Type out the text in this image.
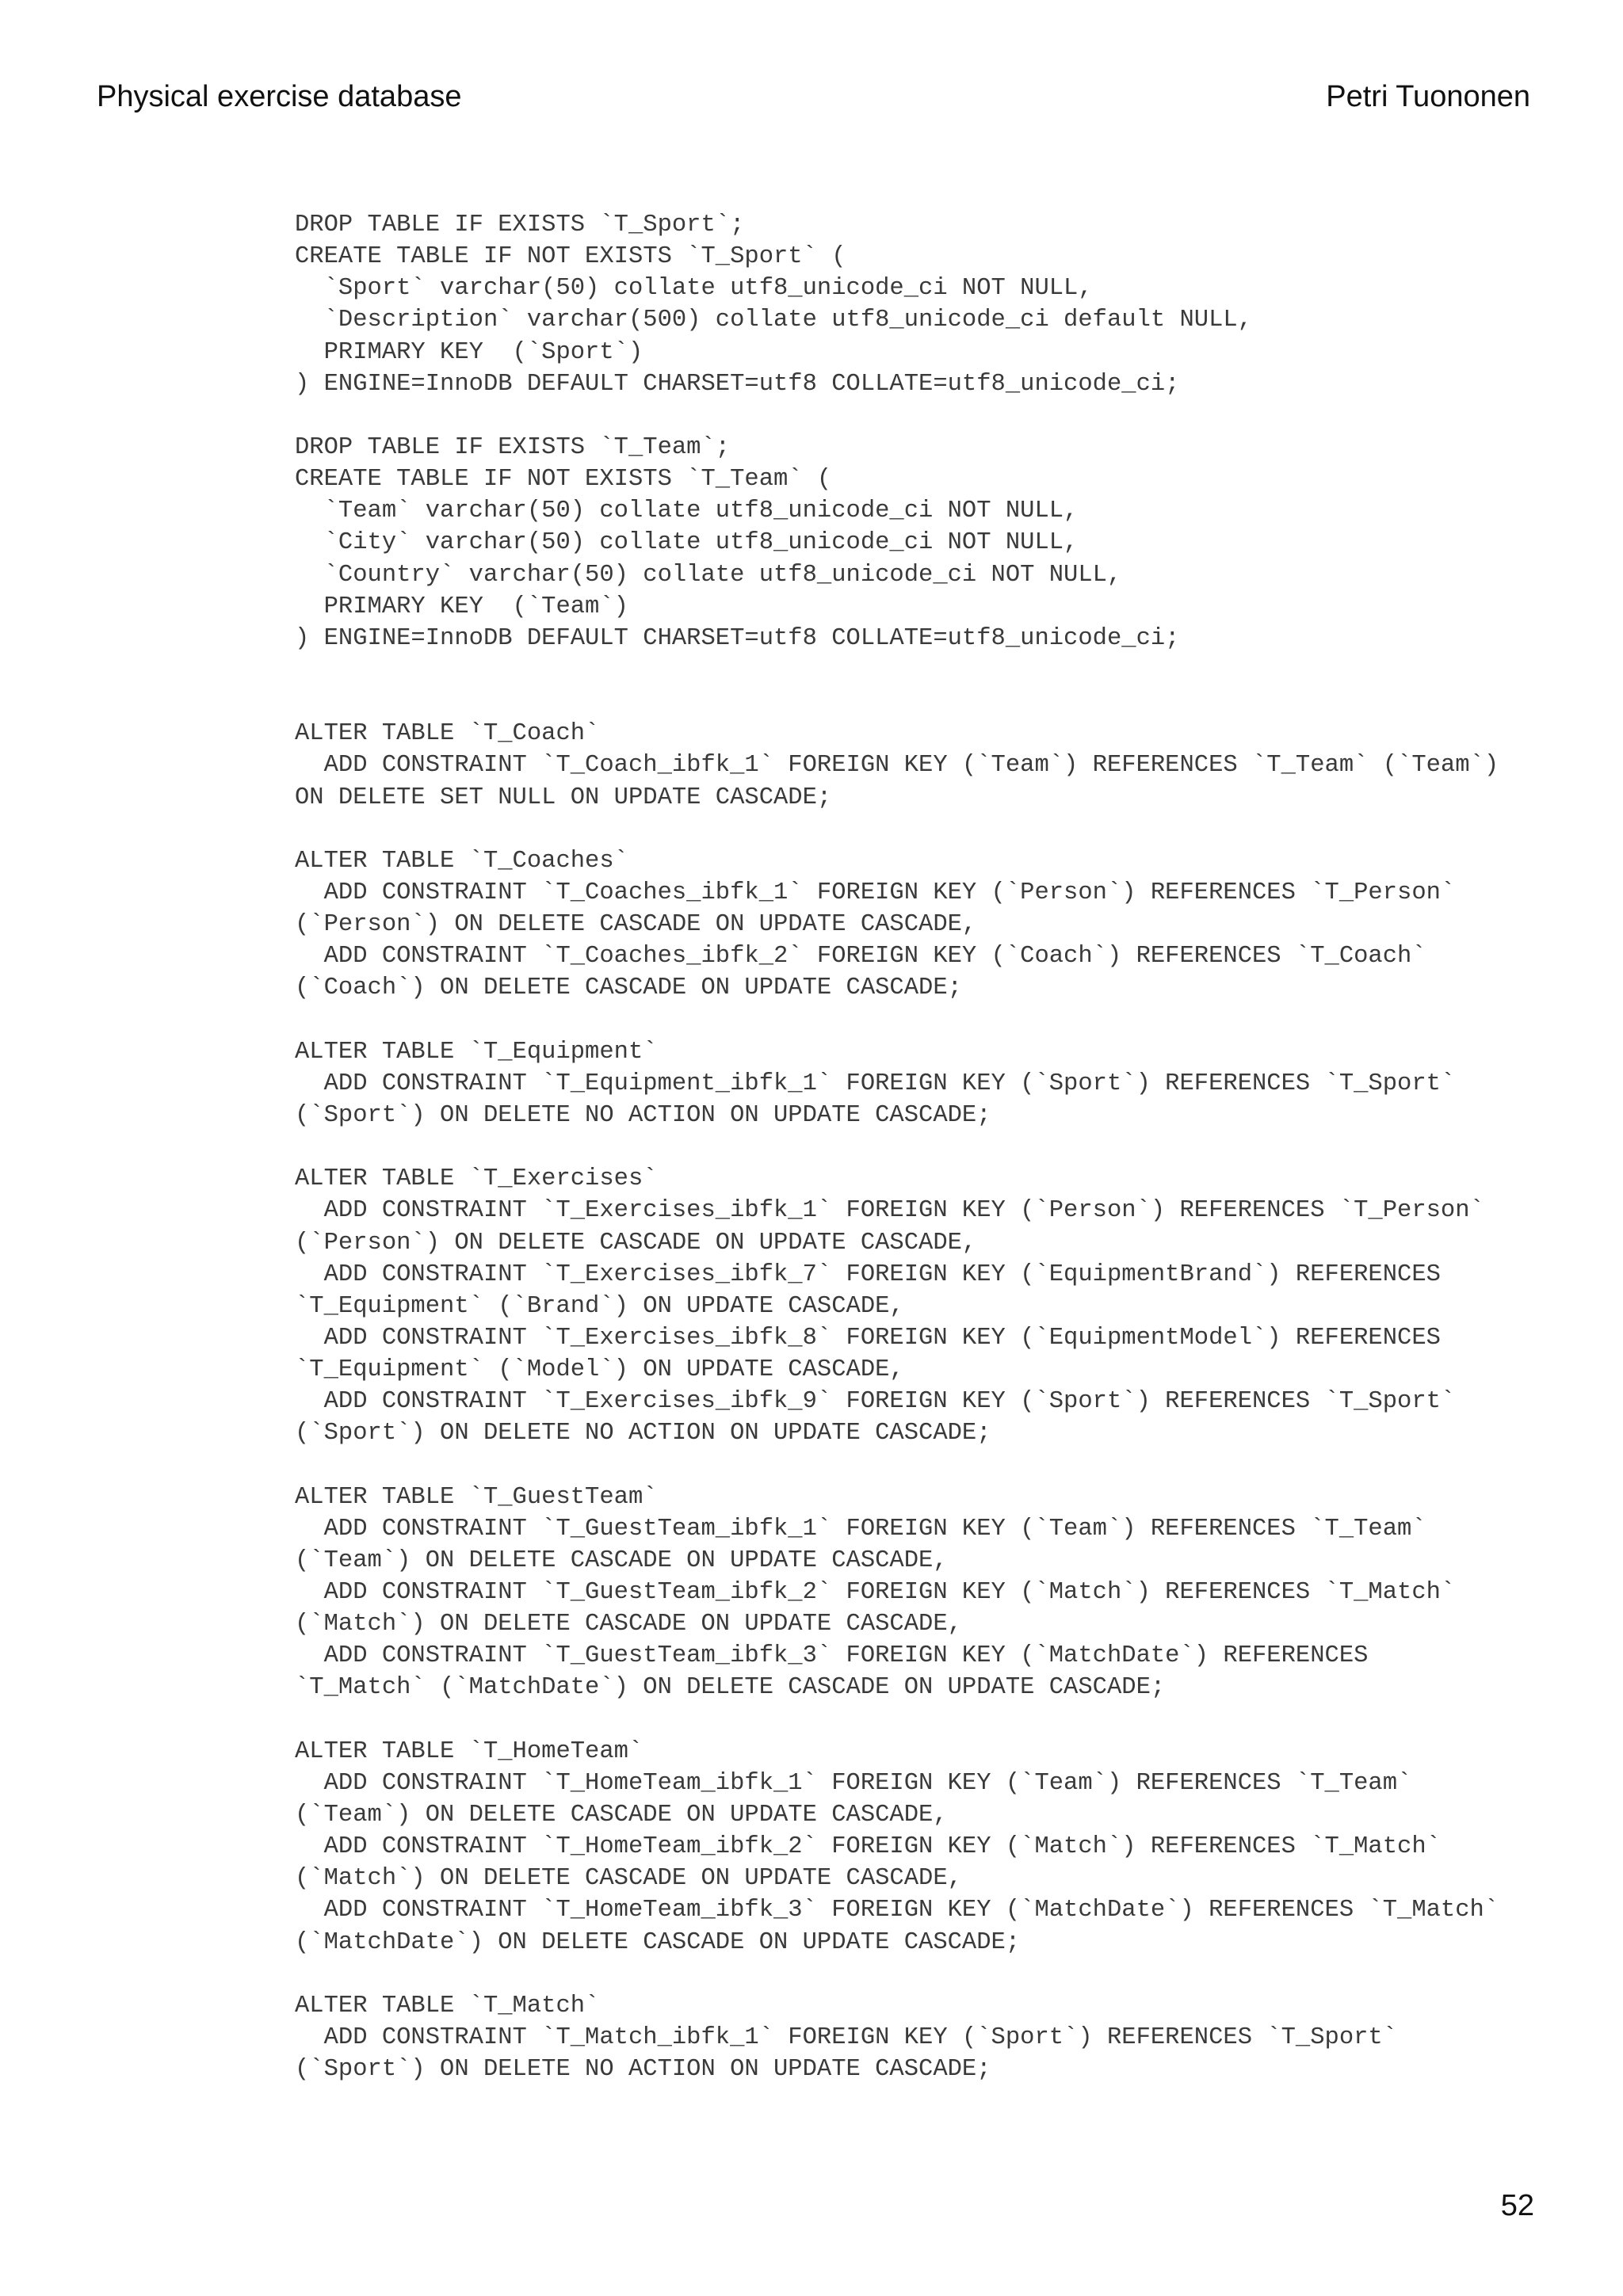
Physical exercise database	Petri Tuononen
DROP TABLE IF EXISTS `T_Sport`;
CREATE TABLE IF NOT EXISTS `T_Sport` (
`Sport` varchar(50) collate utf8_unicode_ci NOT NULL,
`Description` varchar(500) collate utf8_unicode_ci default NULL,
PRIMARY KEY  (`Sport`)
) ENGINE=InnoDB DEFAULT CHARSET=utf8 COLLATE=utf8_unicode_ci;
DROP TABLE IF EXISTS `T_Team`;
CREATE TABLE IF NOT EXISTS `T_Team` (
`Team` varchar(50) collate utf8_unicode_ci NOT NULL,
`City` varchar(50) collate utf8_unicode_ci NOT NULL,
`Country` varchar(50) collate utf8_unicode_ci NOT NULL,
PRIMARY KEY  (`Team`)
) ENGINE=InnoDB DEFAULT CHARSET=utf8 COLLATE=utf8_unicode_ci;
ALTER TABLE `T_Coach`
ADD CONSTRAINT `T_Coach_ibfk_1` FOREIGN KEY (`Team`) REFERENCES `T_Team` (`Team`)
ON DELETE SET NULL ON UPDATE CASCADE;
ALTER TABLE `T_Coaches`
ADD CONSTRAINT `T_Coaches_ibfk_1` FOREIGN KEY (`Person`) REFERENCES `T_Person`
(`Person`) ON DELETE CASCADE ON UPDATE CASCADE,
ADD CONSTRAINT `T_Coaches_ibfk_2` FOREIGN KEY (`Coach`) REFERENCES `T_Coach`
(`Coach`) ON DELETE CASCADE ON UPDATE CASCADE;
ALTER TABLE `T_Equipment`
ADD CONSTRAINT `T_Equipment_ibfk_1` FOREIGN KEY (`Sport`) REFERENCES `T_Sport`
(`Sport`) ON DELETE NO ACTION ON UPDATE CASCADE;
ALTER TABLE `T_Exercises`
ADD CONSTRAINT `T_Exercises_ibfk_1` FOREIGN KEY (`Person`) REFERENCES `T_Person`
(`Person`) ON DELETE CASCADE ON UPDATE CASCADE,
ADD CONSTRAINT `T_Exercises_ibfk_7` FOREIGN KEY (`EquipmentBrand`) REFERENCES
`T_Equipment` (`Brand`) ON UPDATE CASCADE,
ADD CONSTRAINT `T_Exercises_ibfk_8` FOREIGN KEY (`EquipmentModel`) REFERENCES
`T_Equipment` (`Model`) ON UPDATE CASCADE,
ADD CONSTRAINT `T_Exercises_ibfk_9` FOREIGN KEY (`Sport`) REFERENCES `T_Sport`
(`Sport`) ON DELETE NO ACTION ON UPDATE CASCADE;
ALTER TABLE `T_GuestTeam`
ADD CONSTRAINT `T_GuestTeam_ibfk_1` FOREIGN KEY (`Team`) REFERENCES `T_Team`
(`Team`) ON DELETE CASCADE ON UPDATE CASCADE,
ADD CONSTRAINT `T_GuestTeam_ibfk_2` FOREIGN KEY (`Match`) REFERENCES `T_Match`
(`Match`) ON DELETE CASCADE ON UPDATE CASCADE,
ADD CONSTRAINT `T_GuestTeam_ibfk_3` FOREIGN KEY (`MatchDate`) REFERENCES
`T_Match` (`MatchDate`) ON DELETE CASCADE ON UPDATE CASCADE;
ALTER TABLE `T_HomeTeam`
ADD CONSTRAINT `T_HomeTeam_ibfk_1` FOREIGN KEY (`Team`) REFERENCES `T_Team`
(`Team`) ON DELETE CASCADE ON UPDATE CASCADE,
ADD CONSTRAINT `T_HomeTeam_ibfk_2` FOREIGN KEY (`Match`) REFERENCES `T_Match`
(`Match`) ON DELETE CASCADE ON UPDATE CASCADE,
ADD CONSTRAINT `T_HomeTeam_ibfk_3` FOREIGN KEY (`MatchDate`) REFERENCES `T_Match`
(`MatchDate`) ON DELETE CASCADE ON UPDATE CASCADE;
ALTER TABLE `T_Match`
ADD CONSTRAINT `T_Match_ibfk_1` FOREIGN KEY (`Sport`) REFERENCES `T_Sport`
(`Sport`) ON DELETE NO ACTION ON UPDATE CASCADE;
52
